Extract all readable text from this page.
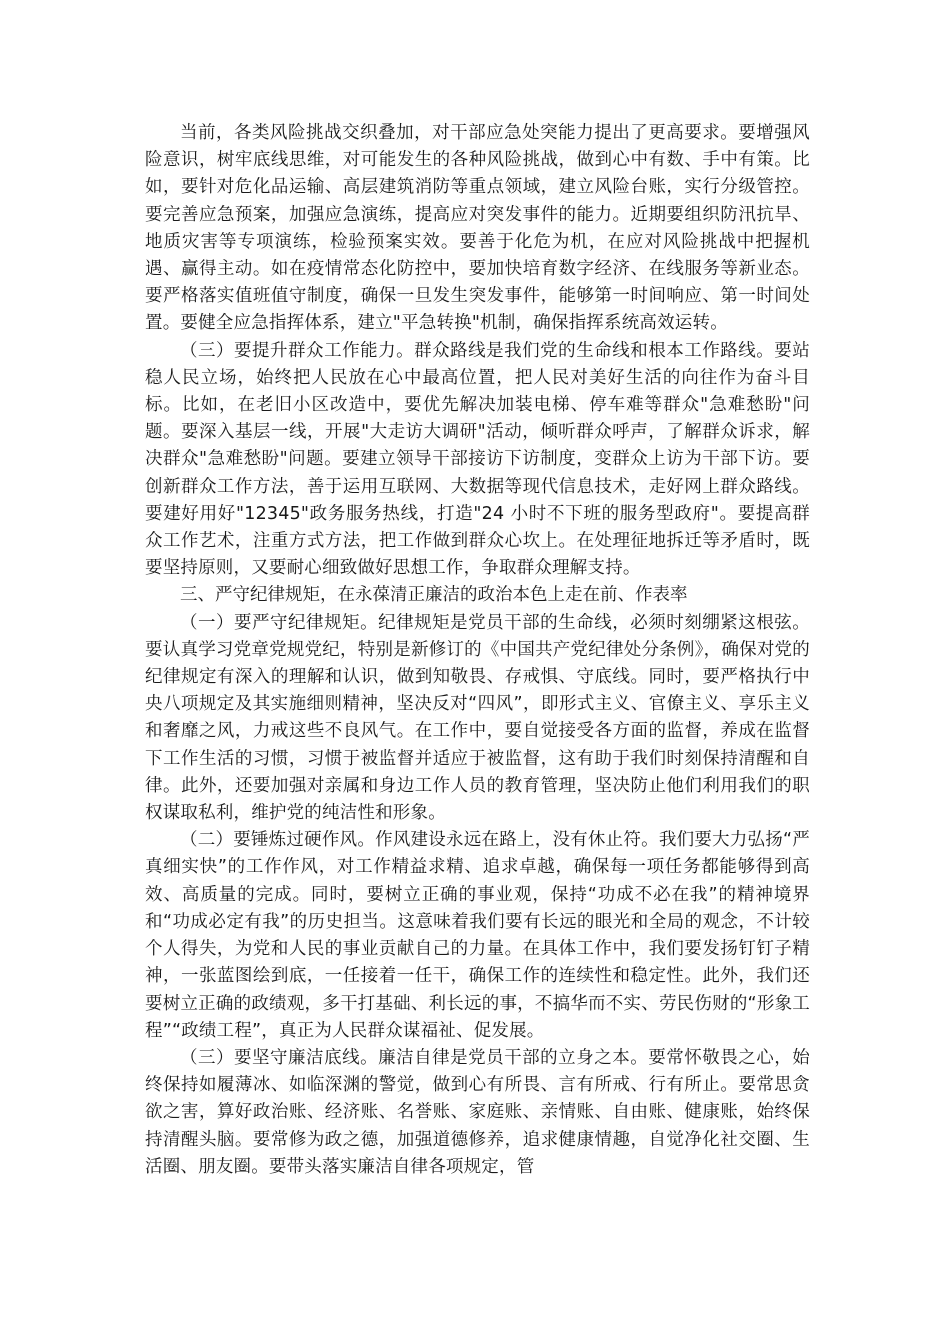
当前，各类风险挑战交织叠加，对干部应急处突能力提出了更高要求。要增强风险意识，树牢底线思维，对可能发生的各种风险挑战，做到心中有数、手中有策。比如，要针对危化品运输、高层建筑消防等重点领域，建立风险台账，实行分级管控。要完善应急预案，加强应急演练，提高应对突发事件的能力。近期要组织防汛抗旱、地质灾害等专项演练，检验预案实效。要善于化危为机，在应对风险挑战中把握机遇、赢得主动。如在疫情常态化防控中，要加快培育数字经济、在线服务等新业态。要严格落实值班值守制度，确保一旦发生突发事件，能够第一时间响应、第一时间处置。要健全应急指挥体系，建立"平急转换"机制，确保指挥系统高效运转。

（三）要提升群众工作能力。群众路线是我们党的生命线和根本工作路线。要站稳人民立场，始终把人民放在心中最高位置，把人民对美好生活的向往作为奋斗目标。比如，在老旧小区改造中，要优先解决加装电梯、停车难等群众"急难愁盼"问题。要深入基层一线，开展"大走访大调研"活动，倾听群众呼声，了解群众诉求，解决群众"急难愁盼"问题。要建立领导干部接访下访制度，变群众上访为干部下访。要创新群众工作方法，善于运用互联网、大数据等现代信息技术，走好网上群众路线。要建好用好"12345"政务服务热线，打造"24 小时不下班的服务型政府"。要提高群众工作艺术，注重方式方法，把工作做到群众心坎上。在处理征地拆迁等矛盾时，既要坚持原则，又要耐心细致做好思想工作，争取群众理解支持。

三、严守纪律规矩，在永葆清正廉洁的政治本色上走在前、作表率

（一）要严守纪律规矩。纪律规矩是党员干部的生命线，必须时刻绷紧这根弦。要认真学习党章党规党纪，特别是新修订的《中国共产党纪律处分条例》，确保对党的纪律规定有深入的理解和认识，做到知敬畏、存戒惧、守底线。同时，要严格执行中央八项规定及其实施细则精神，坚决反对“四风”，即形式主义、官僚主义、享乐主义和奢靡之风，力戒这些不良风气。在工作中，要自觉接受各方面的监督，养成在监督下工作生活的习惯，习惯于被监督并适应于被监督，这有助于我们时刻保持清醒和自律。此外，还要加强对亲属和身边工作人员的教育管理，坚决防止他们利用我们的职权谋取私利，维护党的纯洁性和形象。

（二）要锤炼过硬作风。作风建设永远在路上，没有休止符。我们要大力弘扬“严真细实快”的工作作风，对工作精益求精、追求卓越，确保每一项任务都能够得到高效、高质量的完成。同时，要树立正确的事业观，保持“功成不必在我”的精神境界和“功成必定有我”的历史担当。这意味着我们要有长远的眼光和全局的观念，不计较个人得失，为党和人民的事业贡献自己的力量。在具体工作中，我们要发扬钉钉子精神，一张蓝图绘到底，一任接着一任干，确保工作的连续性和稳定性。此外，我们还要树立正确的政绩观，多干打基础、利长远的事，不搞华而不实、劳民伤财的“形象工程”“政绩工程”，真正为人民群众谋福祉、促发展。

（三）要坚守廉洁底线。廉洁自律是党员干部的立身之本。要常怀敬畏之心，始终保持如履薄冰、如临深渊的警觉，做到心有所畏、言有所戒、行有所止。要常思贪欲之害，算好政治账、经济账、名誉账、家庭账、亲情账、自由账、健康账，始终保持清醒头脑。要常修为政之德，加强道德修养，追求健康情趣，自觉净化社交圈、生活圈、朋友圈。要带头落实廉洁自律各项规定，管
